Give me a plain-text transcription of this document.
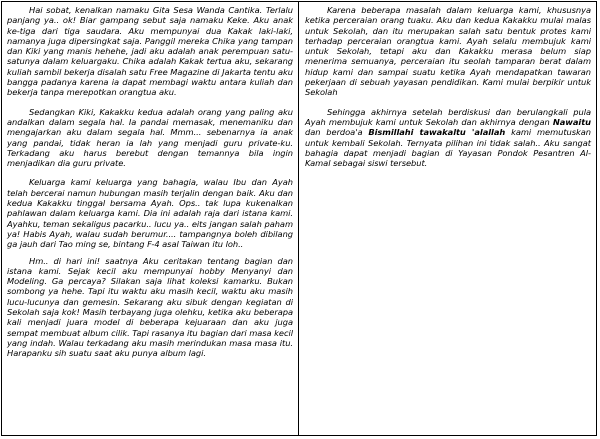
Hai sobat, kenalkan namaku Gita Sesa Wanda Cantika. Terlalu panjang ya.. ok! Biar gampang sebut saja namaku Keke. Aku anak ke-tiga dari tiga saudara. Aku mempunyai dua Kakak laki-laki, namanya juga dipersingkat saja. Panggil mereka Chika yang tampan dan Kiki yang manis hehehe, jadi aku adalah anak perempuan satu-satunya dalam keluargaku. Chika adalah Kakak tertua aku, sekarang kuliah sambil bekerja disalah satu Free Magazine di Jakarta tentu aku bangga padanya karena ia dapat membagi waktu antara kuliah dan bekerja tanpa merepotkan orangtua aku.

Sedangkan Kiki, Kakakku kedua adalah orang yang paling aku andalkan dalam segala hal. Ia pandai memasak, menemaniku dan mengajarkan aku dalam segala hal. Mmm... sebenarnya ia anak yang pandai, tidak heran ia lah yang menjadi guru private-ku. Terkadang aku harus berebut dengan temannya bila ingin menjadikan dia guru private.

Keluarga kami keluarga yang bahagia, walau Ibu dan Ayah telah bercerai namun hubungan masih terjalin dengan baik. Aku dan kedua Kakakku tinggal bersama Ayah. Ops.. tak lupa kukenalkan pahlawan dalam keluarga kami. Dia ini adalah raja dari istana kami. Ayahku, teman sekaligus pacarku.. lucu ya.. eits jangan salah paham ya! Habis Ayah, walau sudah berumur.... tampangnya boleh dibilang ga jauh dari Tao ming se, bintang F-4 asal Taiwan itu loh..

Hm.. di hari ini! saatnya Aku ceritakan tentang bagian dan istana kami. Sejak kecil aku mempunyai hobby Menyanyi dan Modeling. Ga percaya? Silakan saja lihat koleksi kamarku. Bukan sombong ya hehe. Tapi itu waktu aku masih kecil, waktu aku masih lucu-lucunya dan gemesin. Sekarang aku sibuk dengan kegiatan di Sekolah saja kok! Masih terbayang juga olehku, ketika aku beberapa kali menjadi juara model di beberapa kejuaraan dan aku juga sempat membuat album cilik. Tapi rasanya itu bagian dari masa kecil yang indah. Walau terkadang aku masih merindukan masa masa itu. Harapanku sih suatu saat aku punya album lagi.

Karena beberapa masalah dalam keluarga kami, khususnya ketika perceraian orang tuaku. Aku dan kedua Kakakku mulai malas untuk Sekolah, dan itu merupakan salah satu bentuk protes kami terhadap perceraian orangtua kami. Ayah selalu membujuk kami untuk Sekolah, tetapi aku dan Kakakku merasa belum siap menerima semuanya, perceraian itu seolah tamparan berat dalam hidup kami dan sampai suatu ketika Ayah mendapatkan tawaran pekerjaan di sebuah yayasan pendidikan. Kami mulai berpikir untuk Sekolah

Sehingga akhirnya setelah berdiskusi dan berulangkali pula Ayah membujuk kami untuk Sekolah dan akhirnya dengan Nawaitu dan berdoa'a Bismillahi tawakaltu 'alallah kami memutuskan untuk kembali Sekolah. Ternyata pilihan ini tidak salah.. Aku sangat bahagia dapat menjadi bagian di Yayasan Pondok Pesantren Al-Kamal sebagai siswi tersebut.
